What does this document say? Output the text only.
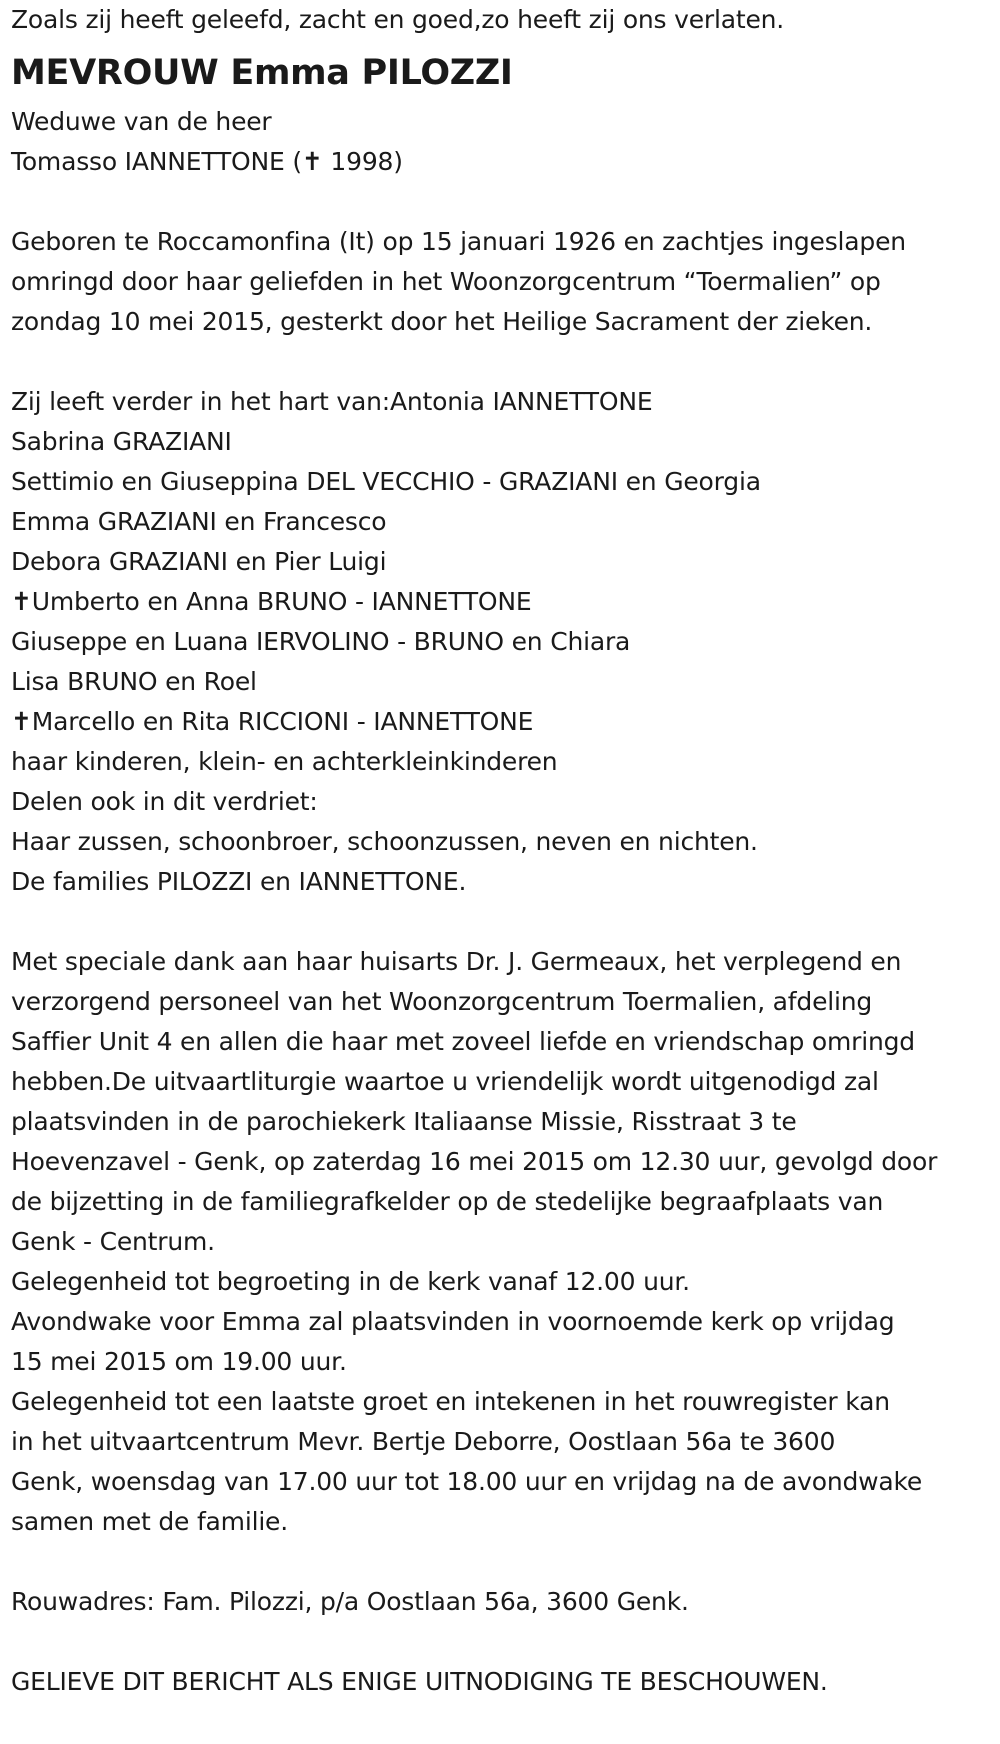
Zoals zij heeft geleefd, zacht en goed,zo heeft zij ons verlaten.
MEVROUW Emma PILOZZI
Weduwe van de heer
Tomasso IANNETTONE (✝ 1998)
Geboren te Roccamonfina (It) op 15 januari 1926 en zachtjes ingeslapen
omringd door haar geliefden in het Woonzorgcentrum “Toermalien” op
zondag 10 mei 2015, gesterkt door het Heilige Sacrament der zieken.
Zij leeft verder in het hart van:Antonia IANNETTONE
Sabrina GRAZIANI
Settimio en Giuseppina DEL VECCHIO - GRAZIANI en Georgia
Emma GRAZIANI en Francesco
Debora GRAZIANI en Pier Luigi
✝Umberto en Anna BRUNO - IANNETTONE
Giuseppe en Luana IERVOLINO - BRUNO en Chiara
Lisa BRUNO en Roel
✝Marcello en Rita RICCIONI - IANNETTONE
haar kinderen, klein- en achterkleinkinderen
Delen ook in dit verdriet:
Haar zussen, schoonbroer, schoonzussen, neven en nichten.
De families PILOZZI en IANNETTONE.
Met speciale dank aan haar huisarts Dr. J. Germeaux, het verplegend en
verzorgend personeel van het Woonzorgcentrum Toermalien, afdeling
Saffier Unit 4 en allen die haar met zoveel liefde en vriendschap omringd
hebben.De uitvaartliturgie waartoe u vriendelijk wordt uitgenodigd zal
plaatsvinden in de parochiekerk Italiaanse Missie, Risstraat 3 te
Hoevenzavel - Genk, op zaterdag 16 mei 2015 om 12.30 uur, gevolgd door
de bijzetting in de familiegrafkelder op de stedelijke begraafplaats van
Genk - Centrum.
Gelegenheid tot begroeting in de kerk vanaf 12.00 uur.
Avondwake voor Emma zal plaatsvinden in voornoemde kerk op vrijdag
15 mei 2015 om 19.00 uur.
Gelegenheid tot een laatste groet en intekenen in het rouwregister kan
in het uitvaartcentrum Mevr. Bertje Deborre, Oostlaan 56a te 3600
Genk, woensdag van 17.00 uur tot 18.00 uur en vrijdag na de avondwake
samen met de familie.
Rouwadres: Fam. Pilozzi, p/a Oostlaan 56a, 3600 Genk.
GELIEVE DIT BERICHT ALS ENIGE UITNODIGING TE BESCHOUWEN.
